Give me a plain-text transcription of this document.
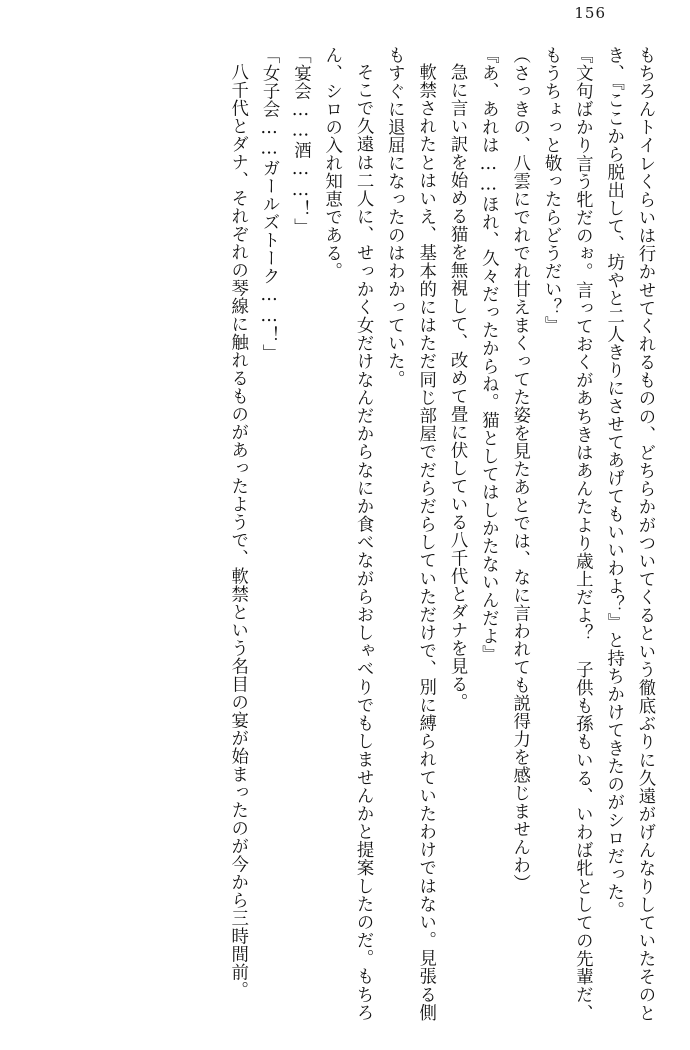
156

もちろんトイレくらいは行かせてくれるものの、どちらかがついてくるという徹底ぶりに久遠がげんなりしていたそのとき、『ここから脱出して、坊やと二人きりにさせてあげてもいいわよ？』と持ちかけてきたのがシロだった。

『文句ばかり言う牝だのぉ。言っておくがあちきはあんたより歳上だよ？　子供も孫もいる、いわば牝としての先輩だ、もうちょっと敬ったらどうだい？』

（さっきの、八雲にでれでれ甘えまくってた姿を見たあとでは、なに言われても説得力を感じませんわ）

『あ、あれは……ほれ、久々だったからね。猫としてはしかたないんだよ』

急に言い訳を始める猫を無視して、改めて畳に伏している八千代とダナを見る。

軟禁されたとはいえ、基本的にはただ同じ部屋でだらだらしていただけで、別に縛られていたわけではない。見張る側もすぐに退屈になったのはわかっていた。

そこで久遠は二人に、せっかく女だけなんだからなにか食べながらおしゃべりでもしませんかと提案したのだ。もちろん、シロの入れ知恵である。

「宴会……酒……！」

「女子会……ガールズトーク……！」

八千代とダナ、それぞれの琴線に触れるものがあったようで、軟禁という名目の宴が始まったのが今から三時間前。
